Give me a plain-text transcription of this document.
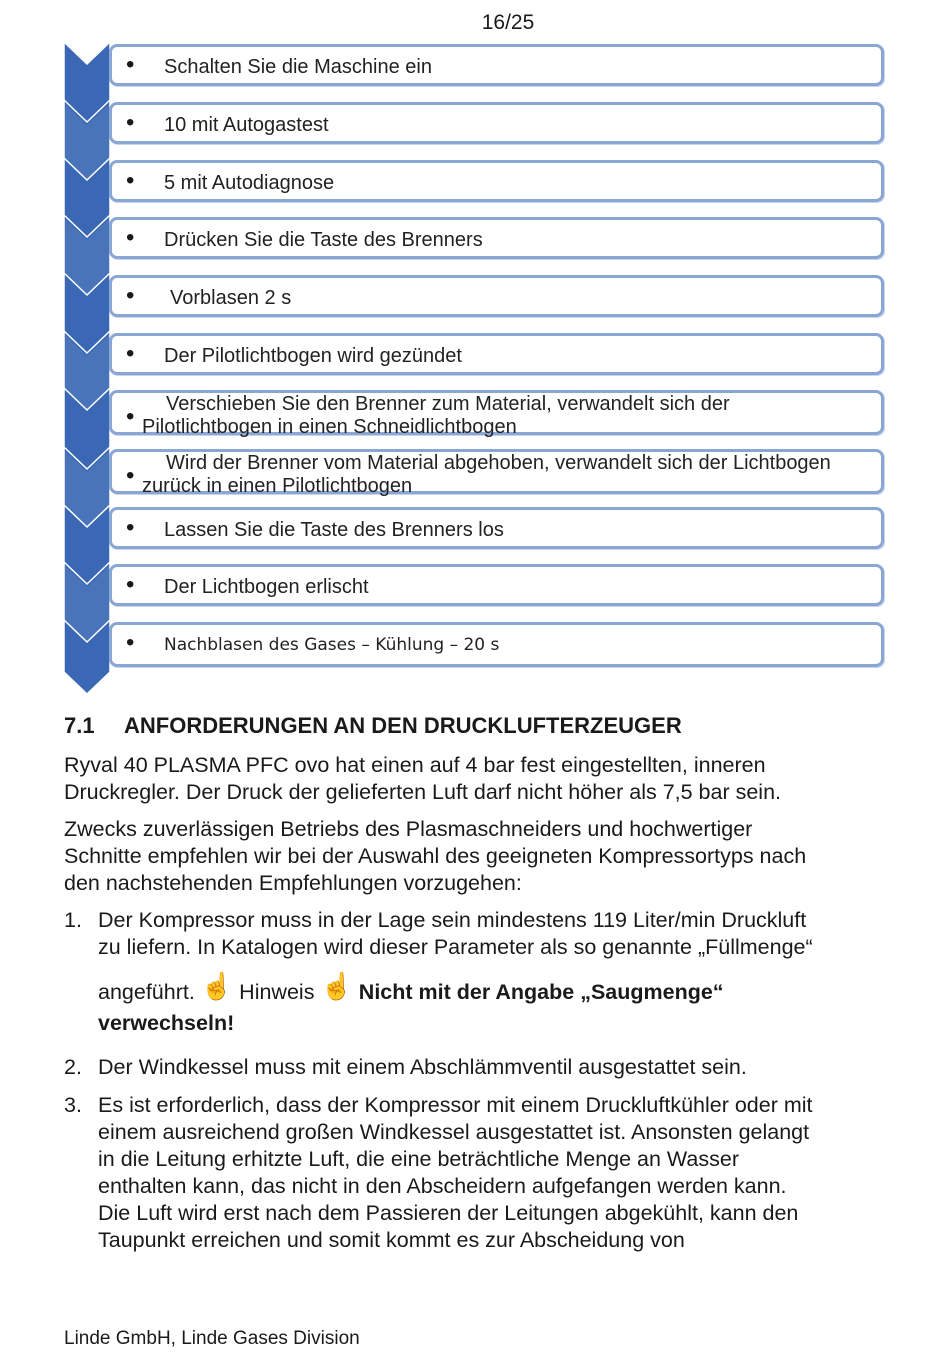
16/25
• Schalten Sie die Maschine ein
• 10 mit Autogastest
• 5 mit Autodiagnose
• Drücken Sie die Taste des Brenners
• Vorblasen 2 s
• Der Pilotlichtbogen wird gezündet
•	Verschieben Sie den Brenner zum Material, verwandelt sich der
Pilotlichtbogen in einen Schneidlichtbogen
•	Wird der Brenner vom Material abgehoben, verwandelt sich der Lichtbogen
zurück in einen Pilotlichtbogen
• Lassen Sie die Taste des Brenners los
• Der Lichtbogen erlischt
• Nachblasen des Gases – Kühlung – 20 s
7.1 ANFORDERUNGEN AN DEN DRUCKLUFTERZEUGER
Ryval 40 PLASMA PFC ovo hat einen auf 4 bar fest eingestellten, inneren
Druckregler. Der Druck der gelieferten Luft darf nicht höher als 7,5 bar sein.
Zwecks zuverlässigen Betriebs des Plasmaschneiders und hochwertiger
Schnitte empfehlen wir bei der Auswahl des geeigneten Kompressortyps nach
den nachstehenden Empfehlungen vorzugehen:
1. Der Kompressor muss in der Lage sein mindestens 119 Liter/min Druckluft
zu liefern. In Katalogen wird dieser Parameter als so genannte „Füllmenge“
angeführt. ☝ Hinweis ☝ Nicht mit der Angabe „Saugmenge“
verwechseln!
2. Der Windkessel muss mit einem Abschlämmventil ausgestattet sein.
3. Es ist erforderlich, dass der Kompressor mit einem Druckluftkühler oder mit
einem ausreichend großen Windkessel ausgestattet ist. Ansonsten gelangt
in die Leitung erhitzte Luft, die eine beträchtliche Menge an Wasser
enthalten kann, das nicht in den Abscheidern aufgefangen werden kann.
Die Luft wird erst nach dem Passieren der Leitungen abgekühlt, kann den
Taupunkt erreichen und somit kommt es zur Abscheidung von
Linde GmbH, Linde Gases Division
